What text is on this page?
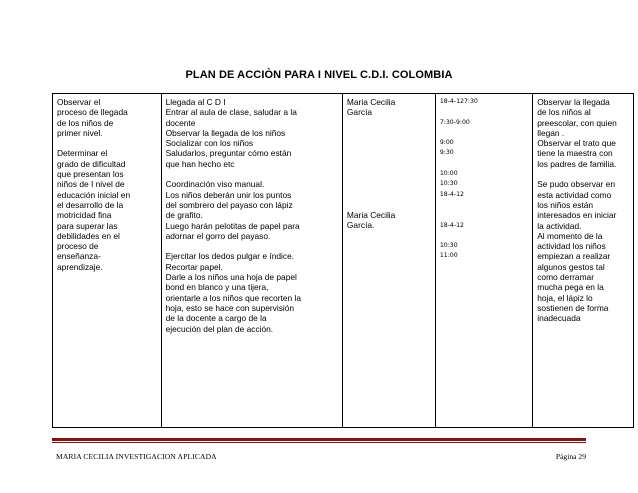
PLAN DE ACCIÒN PARA I NIVEL C.D.I. COLOMBIA
Observar el
proceso de llegada
de los niños de
primer nivel.

Determinar el
grado de dificultad
que presentan los
niños de I nivel de
educación inicial en
el desarrollo de la
motricidad fina
para superar las
debilidades en el
proceso de
enseñanza-
aprendizaje.	Llegada al C D I
Entrar al aula de clase, saludar a la
docente
Observar la llegada de los niños
Socializar con los niños
Saludarlos, preguntar cómo están
que han hecho etc

Coordinación viso manual.
Los niños deberán unir los puntos
del sombrero del payaso con lápiz
de grafito.
Luego harán pelotitas de papel para
adornar el gorro del payaso.

Ejercitar los dedos pulgar e índice.
Recortar papel.
Darle a los niños una hoja de papel
bond en blanco y una tijera,
orientarle a los niños que recorten la
hoja, esto se hace con supervisión
de la docente a cargo de la
ejecución del plan de acción.	Maria Cecilia
García
Maria Cecilia
García.	18-4-127:30

7:30-9:00

9:00
9:30

10:00
10:30
18-4-12

18-4-12

10:30
11:00	Observar la llegada
de los niños al
preescolar, con quien
llegan .
Observar el trato que
tiene la maestra con
los padres de familia.

Se pudo observar en
esta actividad como
los niños están
interesados en iniciar
la actividad.
Al momento de la
actividad los niños
empiezan a realizar
algunos gestos tal
como derramar
mucha pega en la
hoja, el lápiz lo
sostienen de forma
inadecuada
MARIA CECILIA INVESTIGACION APLICADA	Página 29
